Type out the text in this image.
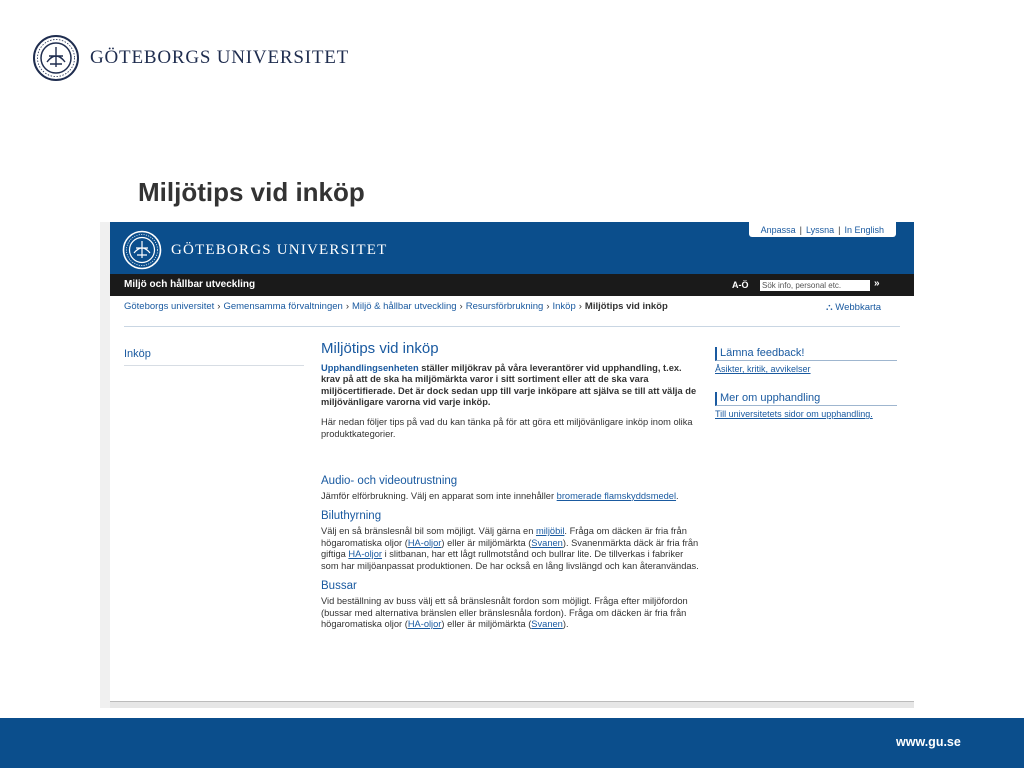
GÖTEBORGS UNIVERSITET
Miljötips vid inköp
GÖTEBORGS UNIVERSITET
Anpassa | Lyssna | In English
Miljö och hållbar utveckling	A-Ö
Sök info, personal etc.	»
Göteborgs universitet › Gemensamma förvaltningen › Miljö & hållbar utveckling › Resursförbrukning › Inköp › Miljötips vid inköp	⛬ Webbkarta
Inköp	Miljötips vid inköp

Upphandlingsenheten ställer miljökrav på våra leverantörer vid upphandling, t.ex. krav på att de ska ha miljömärkta varor i sitt sortiment eller att de ska vara miljöcertifierade. Det är dock sedan upp till varje inköpare att själva se till att välja de miljövänligare varorna vid varje inköp.

Här nedan följer tips på vad du kan tänka på för att göra ett miljövänligare inköp inom olika produktkategorier.

Audio- och videoutrustning

Jämför elförbrukning. Välj en apparat som inte innehåller bromerade flamskyddsmedel.

Biluthyrning

Välj en så bränslesnål bil som möjligt. Välj gärna en miljöbil. Fråga om däcken är fria från högaromatiska oljor (HA-oljor) eller är miljömärkta (Svanen). Svanenmärkta däck är fria från giftiga HA-oljor i slitbanan, har ett lågt rullmotstånd och bullrar lite. De tillverkas i fabriker som har miljöanpassat produktionen. De har också en lång livslängd och kan återanvändas.

Bussar

Vid beställning av buss välj ett så bränslesnålt fordon som möjligt. Fråga efter miljöfordon (bussar med alternativa bränslen eller bränslesnåla fordon). Fråga om däcken är fria från högaromatiska oljor (HA-oljor) eller är miljömärkta (Svanen).

Lämna feedback!
Åsikter, kritik, avvikelser
Mer om upphandling
Till universitetets sidor om upphandling.
www.gu.se
